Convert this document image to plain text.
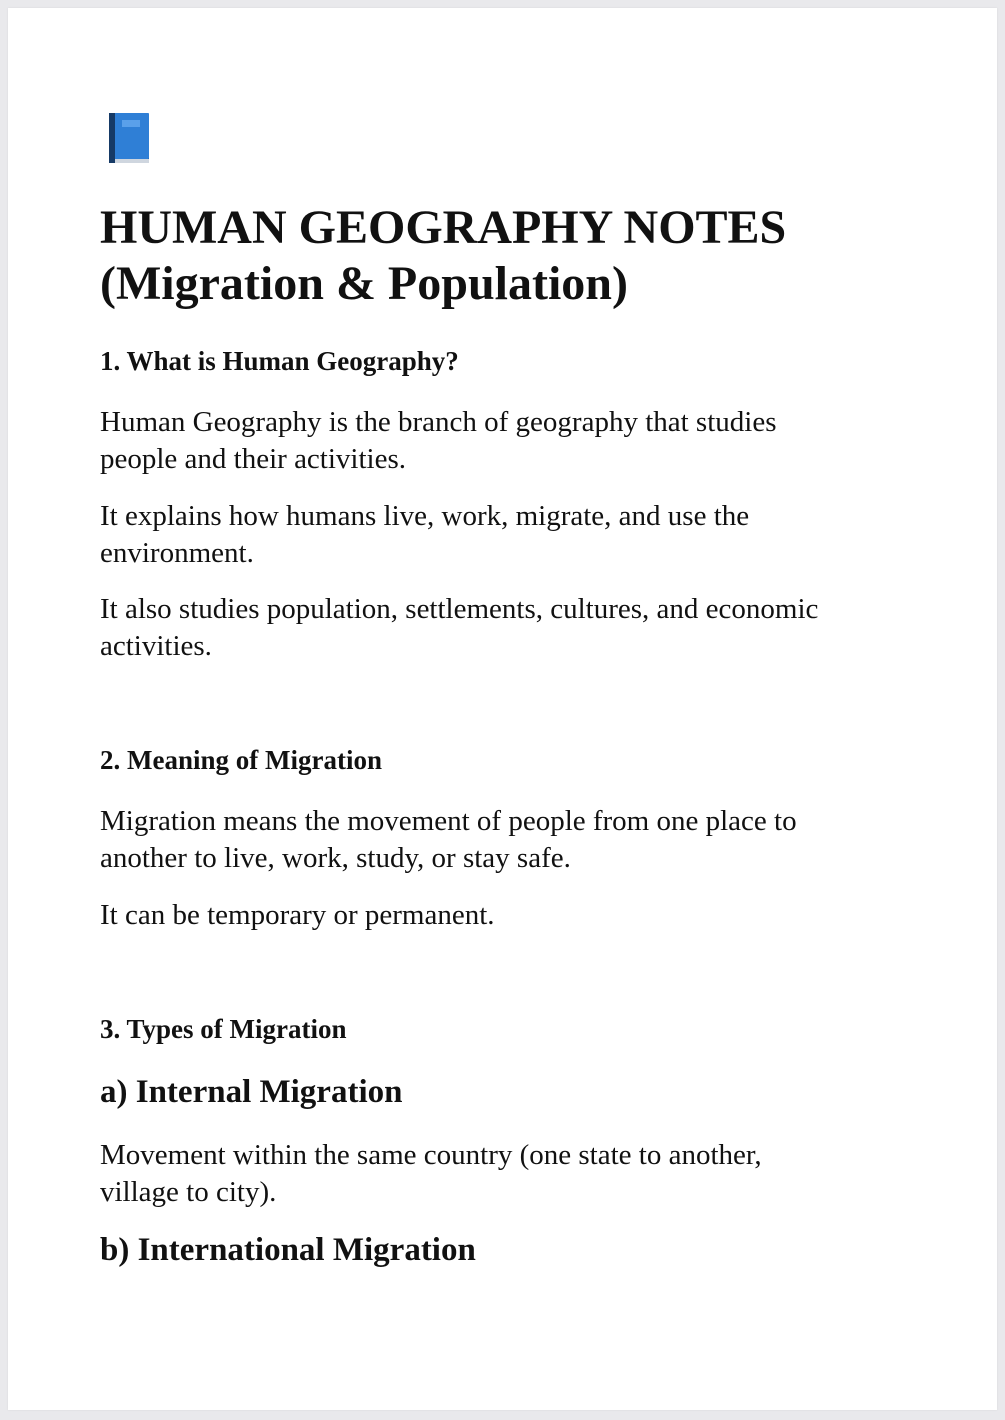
HUMAN GEOGRAPHY NOTES
(Migration & Population)
1. What is Human Geography?

Human Geography is the branch of geography that studies
people and their activities.

It explains how humans live, work, migrate, and use the
environment.

It also studies population, settlements, cultures, and economic
activities.

2. Meaning of Migration

Migration means the movement of people from one place to
another to live, work, study, or stay safe.

It can be temporary or permanent.

3. Types of Migration
a) Internal Migration

Movement within the same country (one state to another,
village to city).

b) International Migration
